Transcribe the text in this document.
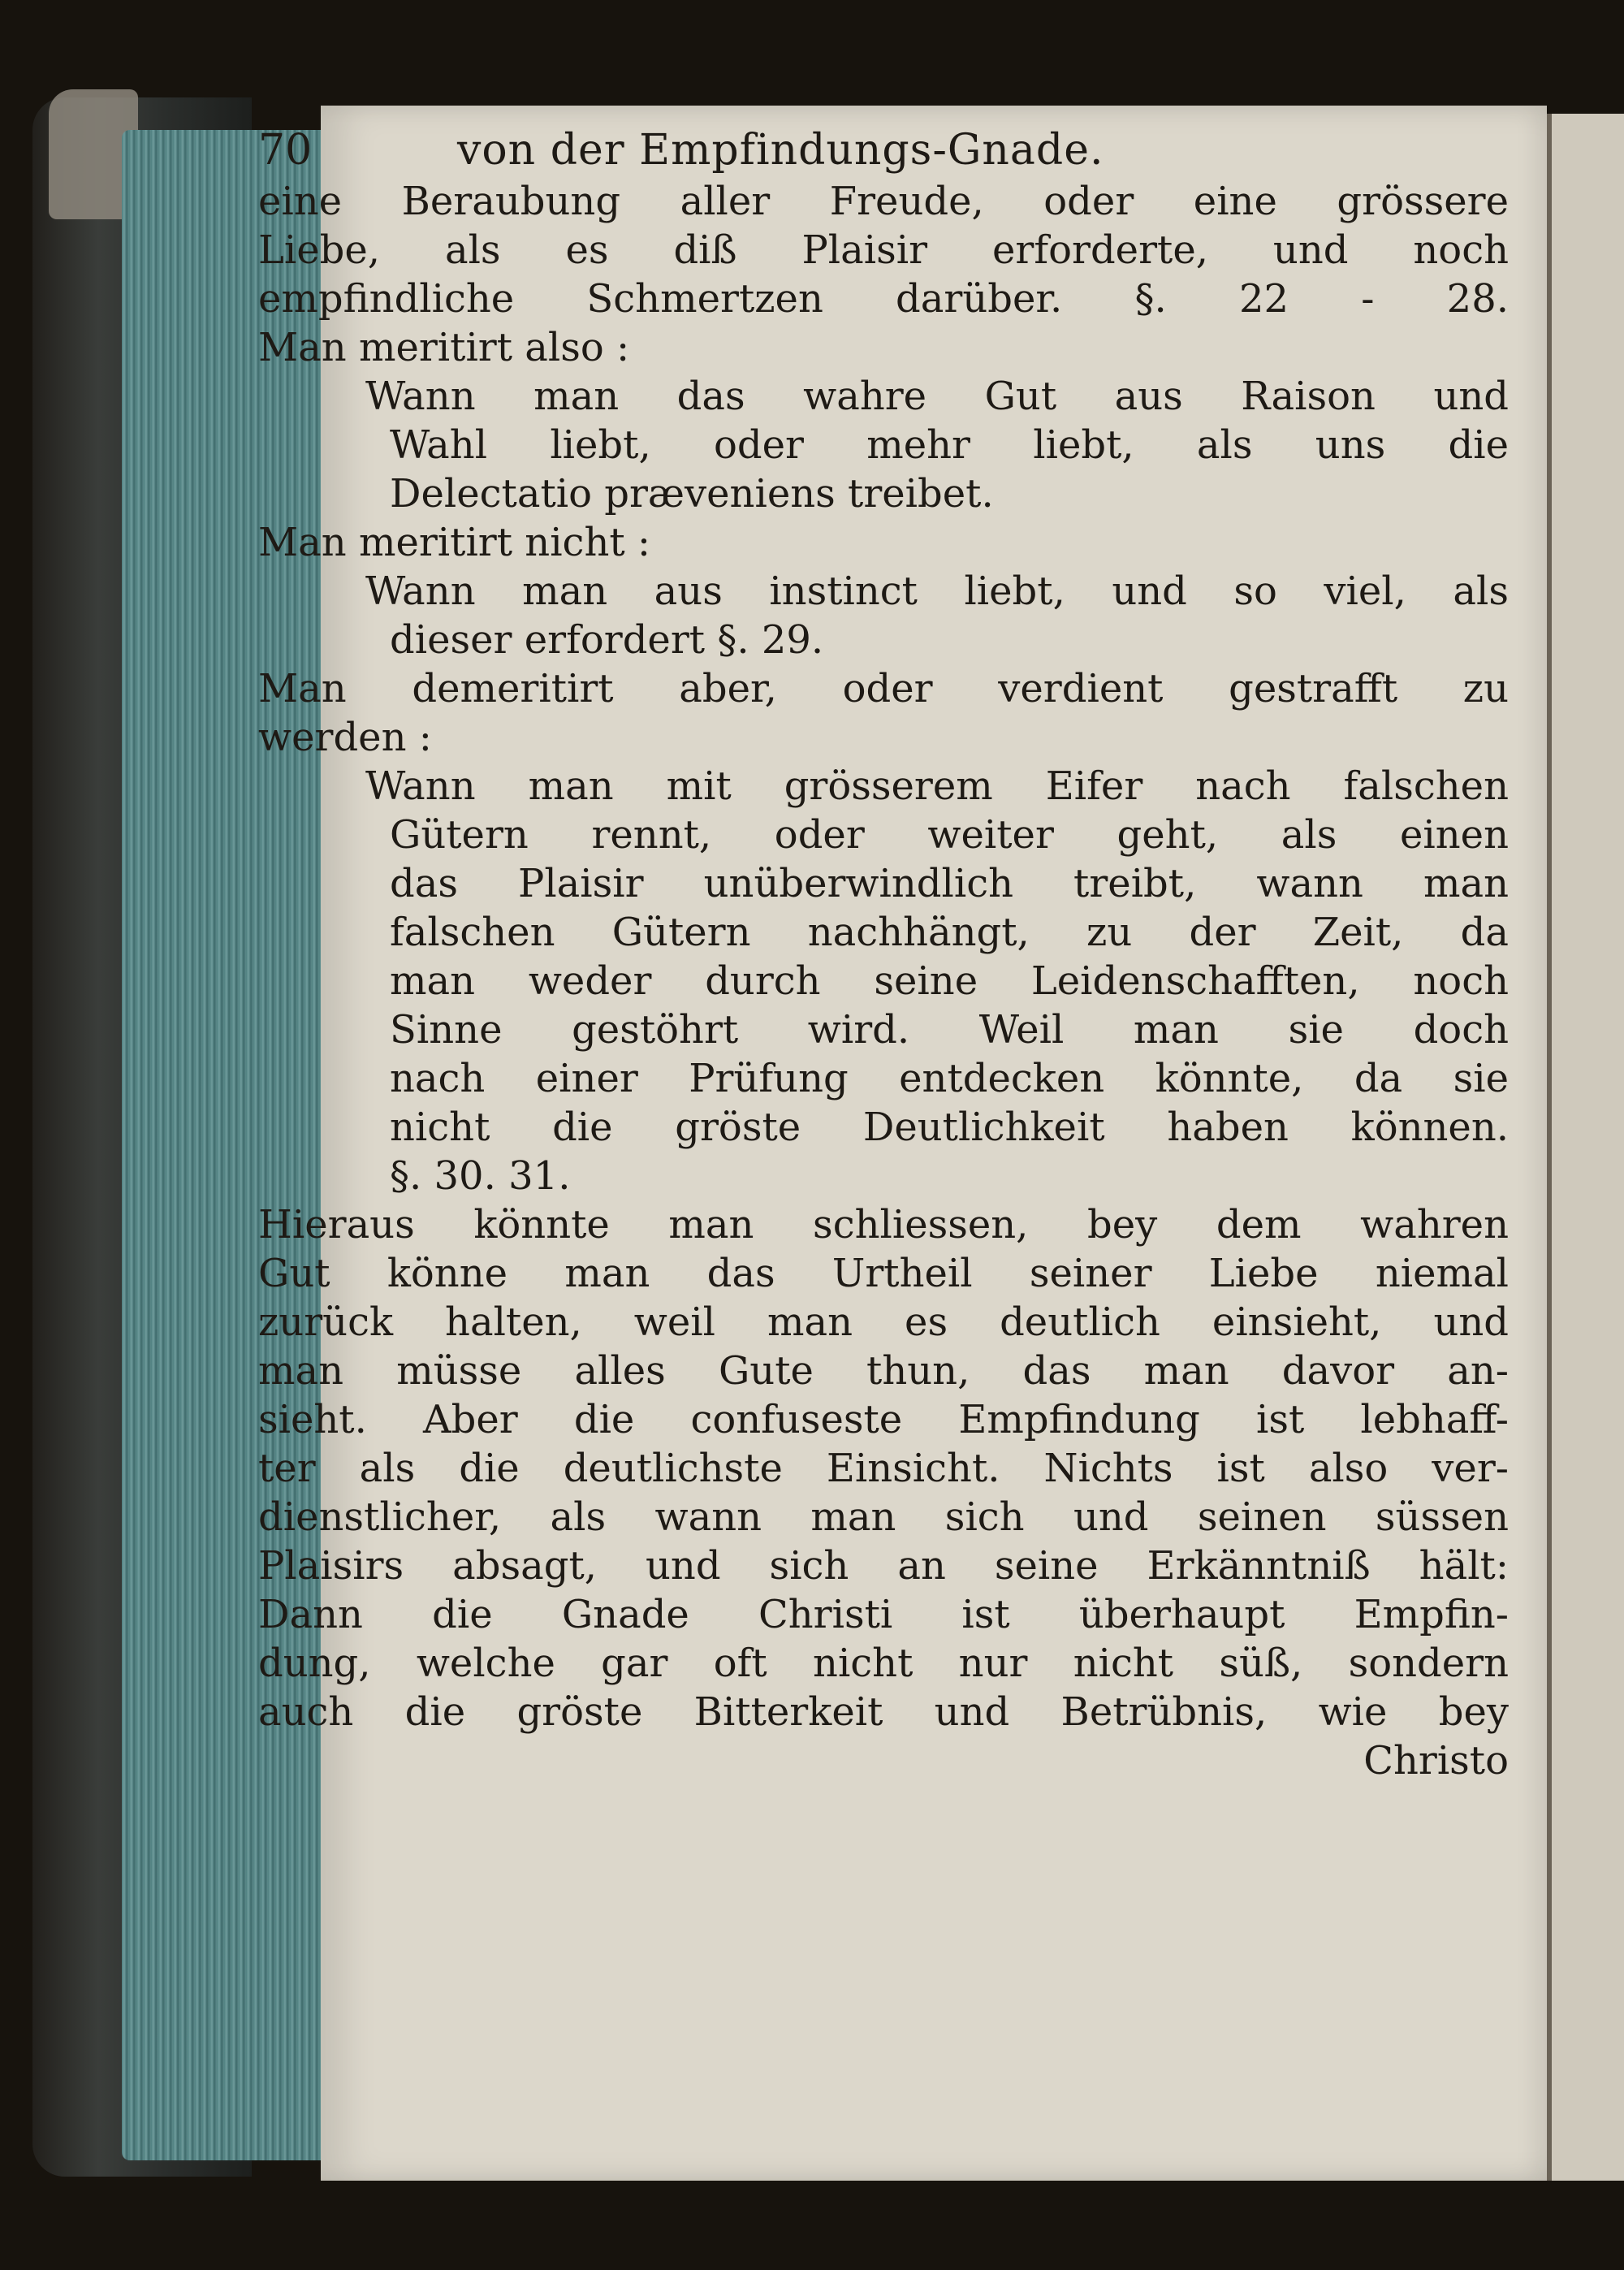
70	von der Empfindungs-Gnade.
eine Beraubung aller Freude, oder eine grössere
Liebe, als es diß Plaisir erforderte, und noch
empfindliche Schmertzen darüber. §. 22 - 28.
Man meritirt also :
Wann man das wahre Gut aus Raison und
Wahl liebt, oder mehr liebt, als uns die
Delectatio præveniens treibet.
Man meritirt nicht :
Wann man aus instinct liebt, und so viel, als
dieser erfordert §. 29.
Man demeritirt aber, oder verdient gestrafft zu
werden :
Wann man mit grösserem Eifer nach falschen
Gütern rennt, oder weiter geht, als einen
das Plaisir unüberwindlich treibt, wann man
falschen Gütern nachhängt, zu der Zeit, da
man weder durch seine Leidenschafften, noch
Sinne gestöhrt wird. Weil man sie doch
nach einer Prüfung entdecken könnte, da sie
nicht die gröste Deutlichkeit haben können.
§. 30. 31.
Hieraus könnte man schliessen, bey dem wahren
Gut könne man das Urtheil seiner Liebe niemal
zurück halten, weil man es deutlich einsieht, und
man müsse alles Gute thun, das man davor an-
sieht. Aber die confuseste Empfindung ist lebhaff-
ter als die deutlichste Einsicht. Nichts ist also ver-
dienstlicher, als wann man sich und seinen süssen
Plaisirs absagt, und sich an seine Erkänntniß hält:
Dann die Gnade Christi ist überhaupt Empfin-
dung, welche gar oft nicht nur nicht süß, sondern
auch die gröste Bitterkeit und Betrübnis, wie bey
Christo
